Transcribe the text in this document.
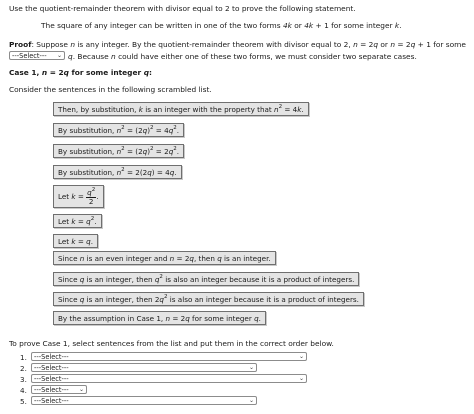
Use the quotient-remainder theorem with divisor equal to 2 to prove the following statement.
The square of any integer can be written in one of the two forms 4k or 4k + 1 for some integer k.
Proof: Suppose n is any integer. By the quotient-remainder theorem with divisor equal to 2, n = 2q or n = 2q + 1 for some
---Select--- ⌄ q. Because n could have either one of these two forms, we must consider two separate cases.
Case 1, n = 2q for some integer q:
Consider the sentences in the following scrambled list.
Then, by substitution, k is an integer with the property that $n^2 = 4k$.
By substitution, $n^2 = (2q)^2 = 4q^2$.
By substitution, $n^2 = (2q)^2 = 2q^2$.
By substitution, $n^2 = 2(2q) = 4q$.
Let $k = \frac{q^2}{2}$ .
Let $k = q^2$.
Let k = q.
Since n is an even integer and n = 2q, then q is an integer.
Since q is an integer, then $q^2$ is also an integer because it is a product of integers.
Since q is an integer, then $2q^2$ is also an integer because it is a product of integers.
By the assumption in Case 1, n = 2q for some integer q.
To prove Case 1, select sentences from the list and put them in the correct order below.
1.	---Select---	⌄
2.	---Select---	⌄
3.	---Select---	⌄
4.	---Select--- ⌄
5.	---Select---	⌄
